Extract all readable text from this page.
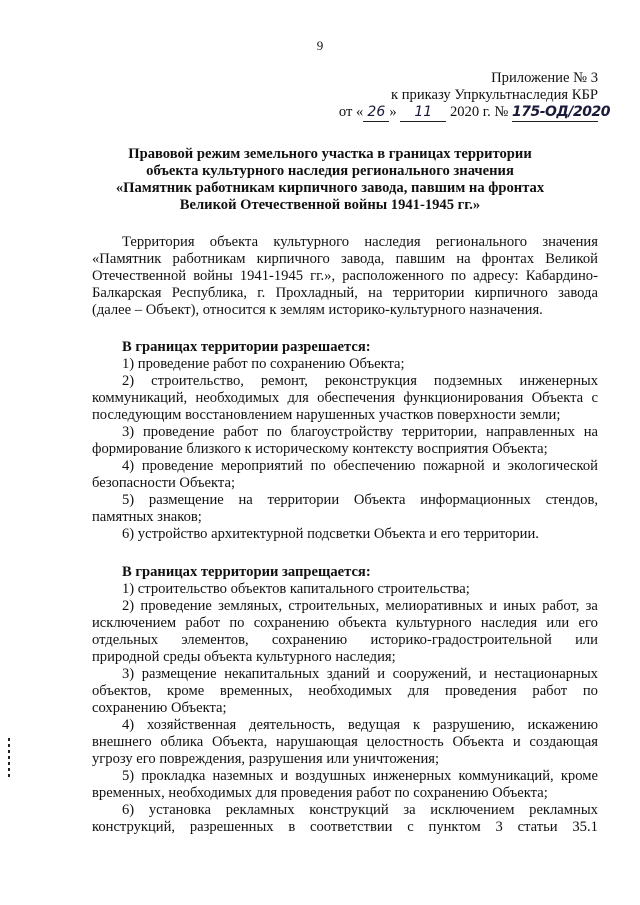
9
Приложение № 3
к приказу Упркультнаследия КБР
от « 26 » 11 2020 г. № 175-ОД/2020
Правовой режим земельного участка в границах территории
объекта культурного наследия регионального значения
«Памятник работникам кирпичного завода, павшим на фронтах
Великой Отечественной войны 1941-1945 гг.»
Территория объекта культурного наследия регионального значения
«Памятник работникам кирпичного завода, павшим на фронтах Великой
Отечественной войны 1941-1945 гг.», расположенного по адресу: Кабардино-
Балкарская Республика, г. Прохладный, на территории кирпичного завода
(далее – Объект), относится к землям историко-культурного назначения.
В границах территории разрешается:
1) проведение работ по сохранению Объекта;
2) строительство, ремонт, реконструкция подземных инженерных
коммуникаций, необходимых для обеспечения функционирования Объекта с
последующим восстановлением нарушенных участков поверхности земли;
3) проведение работ по благоустройству территории, направленных на
формирование близкого к историческому контексту восприятия Объекта;
4) проведение мероприятий по обеспечению пожарной и экологической
безопасности Объекта;
5) размещение на территории Объекта информационных стендов,
памятных знаков;
6) устройство архитектурной подсветки Объекта и его территории.
В границах территории запрещается:
1) строительство объектов капитального строительства;
2) проведение земляных, строительных, мелиоративных и иных работ, за
исключением работ по сохранению объекта культурного наследия или его
отдельных элементов, сохранению историко-градостроительной или
природной среды объекта культурного наследия;
3) размещение некапитальных зданий и сооружений, и нестационарных
объектов, кроме временных, необходимых для проведения работ по
сохранению Объекта;
4) хозяйственная деятельность, ведущая к разрушению, искажению
внешнего облика Объекта, нарушающая целостность Объекта и создающая
угрозу его повреждения, разрушения или уничтожения;
5) прокладка наземных и воздушных инженерных коммуникаций, кроме
временных, необходимых для проведения работ по сохранению Объекта;
6) установка рекламных конструкций за исключением рекламных
конструкций, разрешенных в соответствии с пунктом 3 статьи 35.1
